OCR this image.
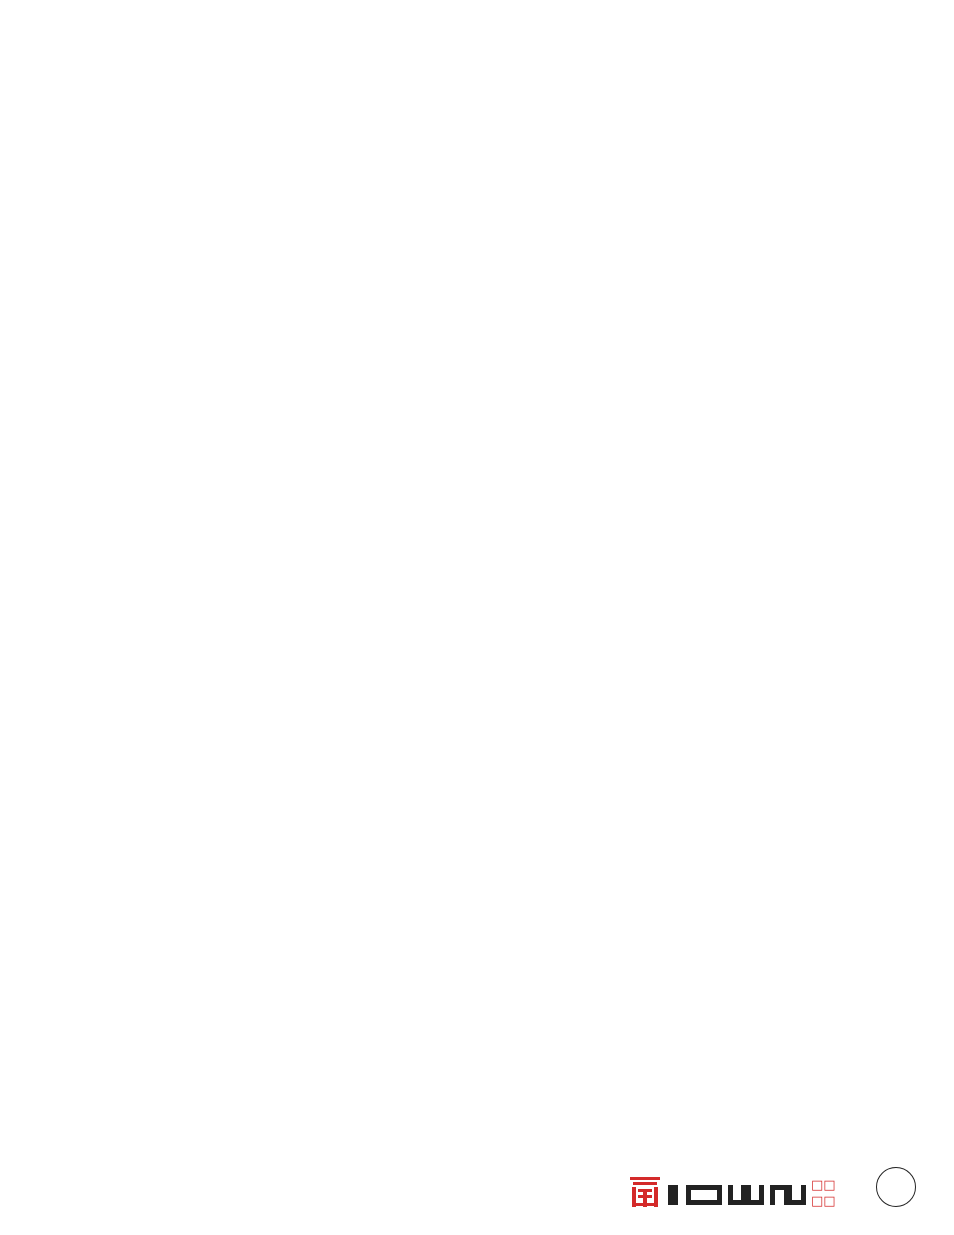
□□
□□
